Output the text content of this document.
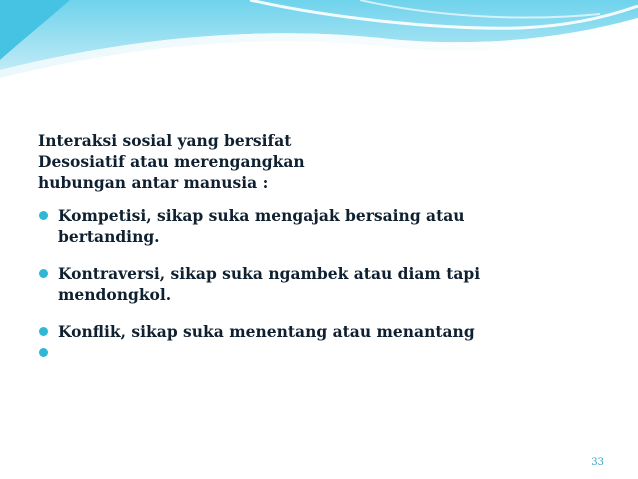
Interaksi sosial yang bersifat
Desosiatif atau merengangkan
hubungan antar manusia :
Kompetisi, sikap suka mengajak bersaing atau
bertanding.
Kontraversi, sikap suka ngambek atau diam tapi
mendongkol.
Konflik, sikap suka menentang atau menantang

33
